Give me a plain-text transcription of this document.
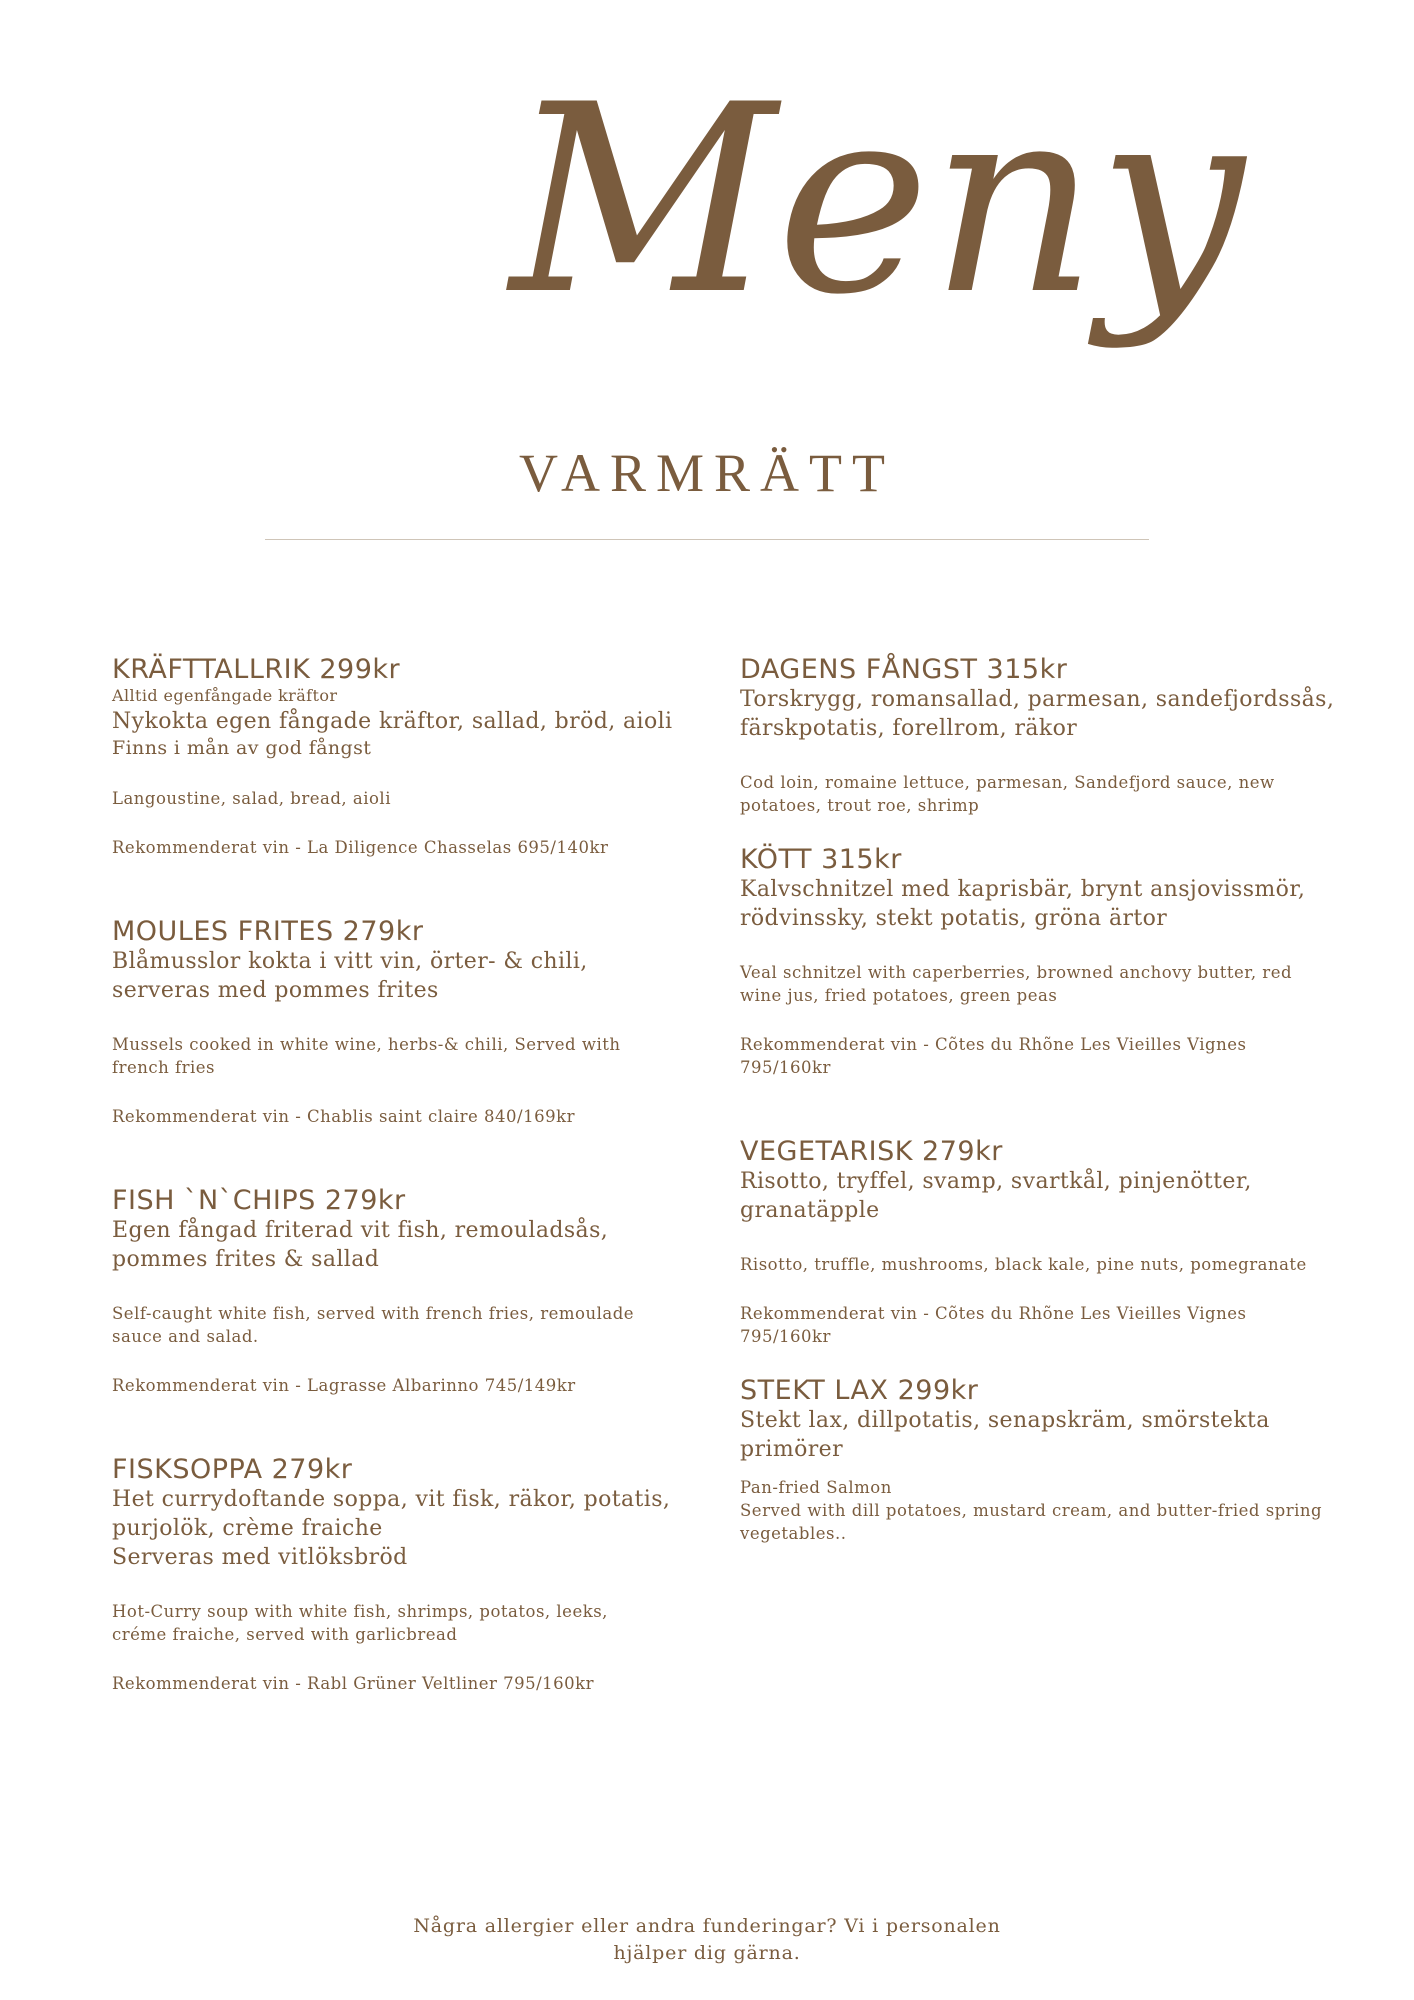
Meny
VARMRÄTT
KRÄFTTALLRIK 299kr
Alltid egenfångade kräftor
Nykokta egen fångade kräftor, sallad, bröd, aioli
Finns i mån av god fångst
Langoustine, salad, bread, aioli
Rekommenderat vin - La Diligence Chasselas 695/140kr
MOULES FRITES 279kr
Blåmusslor kokta i vitt vin, örter- & chili,
serveras med pommes frites
Mussels cooked in white wine, herbs-& chili, Served with
french fries
Rekommenderat vin - Chablis saint claire 840/169kr
FISH `N`CHIPS 279kr
Egen fångad friterad vit fish, remouladsås,
pommes frites & sallad
Self-caught white fish, served with french fries, remoulade
sauce and salad.
Rekommenderat vin - Lagrasse Albarinno 745/149kr
FISKSOPPA 279kr
Het currydoftande soppa, vit fisk, räkor, potatis,
purjolök, crème fraiche
Serveras med vitlöksbröd
Hot-Curry soup with white fish, shrimps, potatos, leeks,
créme fraiche, served with garlicbread
Rekommenderat vin - Rabl Grüner Veltliner 795/160kr
DAGENS FÅNGST 315kr
Torskrygg, romansallad, parmesan, sandefjordssås,
färskpotatis, forellrom, räkor
Cod loin, romaine lettuce, parmesan, Sandefjord sauce, new
potatoes, trout roe, shrimp
KÖTT 315kr
Kalvschnitzel med kaprisbär, brynt ansjovissmör,
rödvinssky, stekt potatis, gröna ärtor
Veal schnitzel with caperberries, browned anchovy butter, red
wine jus, fried potatoes, green peas
Rekommenderat vin - Cõtes du Rhõne Les Vieilles Vignes
795/160kr
VEGETARISK 279kr
Risotto, tryffel, svamp, svartkål, pinjenötter,
granatäpple
Risotto, truffle, mushrooms, black kale, pine nuts, pomegranate
Rekommenderat vin - Cõtes du Rhõne Les Vieilles Vignes
795/160kr
STEKT LAX 299kr
Stekt lax, dillpotatis, senapskräm, smörstekta
primörer
Pan-fried Salmon
Served with dill potatoes, mustard cream, and butter-fried spring
vegetables..
Några allergier eller andra funderingar? Vi i personalen
hjälper dig gärna.
